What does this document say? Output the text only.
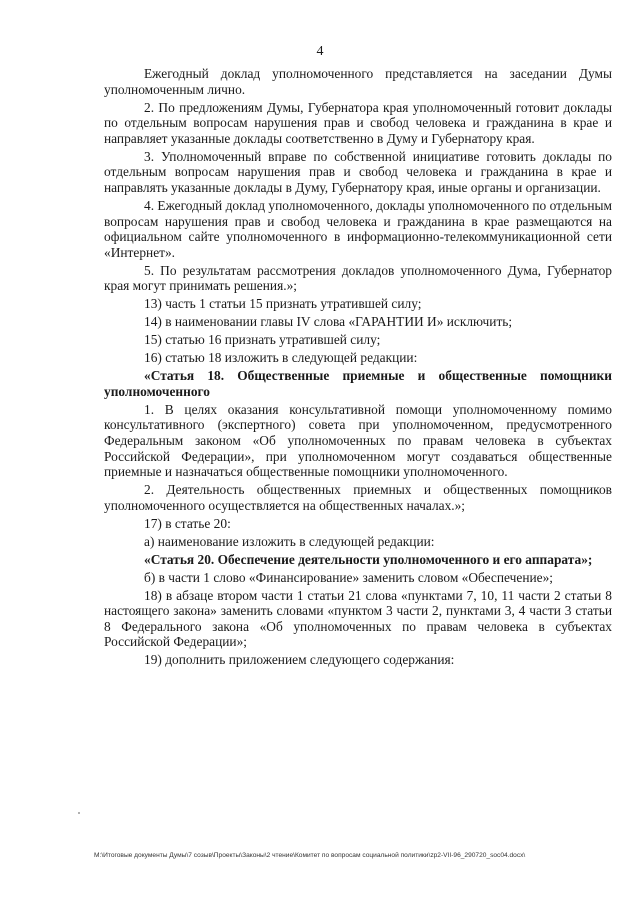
4

Ежегодный доклад уполномоченного представляется на заседании Думы уполномоченным лично.

2. По предложениям Думы, Губернатора края уполномоченный готовит доклады по отдельным вопросам нарушения прав и свобод человека и гражданина в крае и направляет указанные доклады соответственно в Думу и Губернатору края.

3. Уполномоченный вправе по собственной инициативе готовить доклады по отдельным вопросам нарушения прав и свобод человека и гражданина в крае и направлять указанные доклады в Думу, Губернатору края, иные органы и организации.

4. Ежегодный доклад уполномоченного, доклады уполномоченного по отдельным вопросам нарушения прав и свобод человека и гражданина в крае размещаются на официальном сайте уполномоченного в информационно-телекоммуникационной сети «Интернет».

5. По результатам рассмотрения докладов уполномоченного Дума, Губернатор края могут принимать решения.»;

13) часть 1 статьи 15 признать утратившей силу;

14) в наименовании главы IV слова «ГАРАНТИИ И» исключить;

15) статью 16 признать утратившей силу;

16) статью 18 изложить в следующей редакции:

«Статья 18. Общественные приемные и общественные помощники уполномоченного

1. В целях оказания консультативной помощи уполномоченному помимо консультативного (экспертного) совета при уполномоченном, предусмотренного Федеральным законом «Об уполномоченных по правам человека в субъектах Российской Федерации», при уполномоченном могут создаваться общественные приемные и назначаться общественные помощники уполномоченного.

2. Деятельность общественных приемных и общественных помощников уполномоченного осуществляется на общественных началах.»;

17) в статье 20:

а) наименование изложить в следующей редакции:

«Статья 20. Обеспечение деятельности уполномоченного и его аппарата»;

б) в части 1 слово «Финансирование» заменить словом «Обеспечение»;

18) в абзаце втором части 1 статьи 21 слова «пунктами 7, 10, 11 части 2 статьи 8 настоящего закона» заменить словами «пунктом 3 части 2, пунктами 3, 4 части 3 статьи 8 Федерального закона «Об уполномоченных по правам человека в субъектах Российской Федерации»;

19) дополнить приложением следующего содержания:

M:\Итоговые документы Думы\7 созыв\Проекты\Законы\2 чтение\Комитет по вопросам социальной политики\zp2-VII-96_290720_soc04.docx\
